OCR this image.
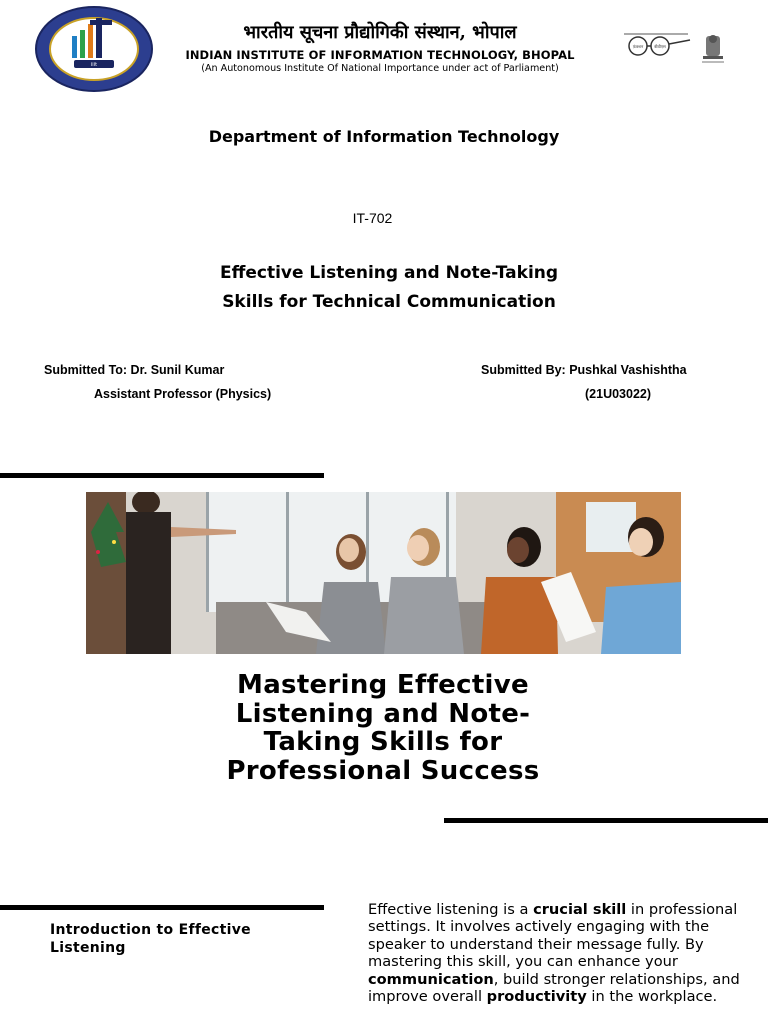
iiit
भारतीय सूचना प्रौद्योगिकी संस्थान, भोपाल
INDIAN INSTITUTE OF INFORMATION TECHNOLOGY, BHOPAL
(An Autonomous Institute Of National Importance under act of Parliament)
फ़ंक्शन	बीवीएस
Department of Information Technology
IT-702
Effective Listening and Note-Taking
Skills for Technical Communication
Submitted To: Dr. Sunil Kumar
Assistant Professor (Physics)
Submitted By: Pushkal Vashishtha
(21U03022)
Mastering Effective
Listening and Note-
Taking Skills for
Professional Success
Introduction to Effective Listening
Effective listening is a crucial skill in professional settings. It involves actively engaging with the speaker to understand their message fully. By mastering this skill, you can enhance your communication, build stronger relationships, and improve overall productivity in the workplace.
